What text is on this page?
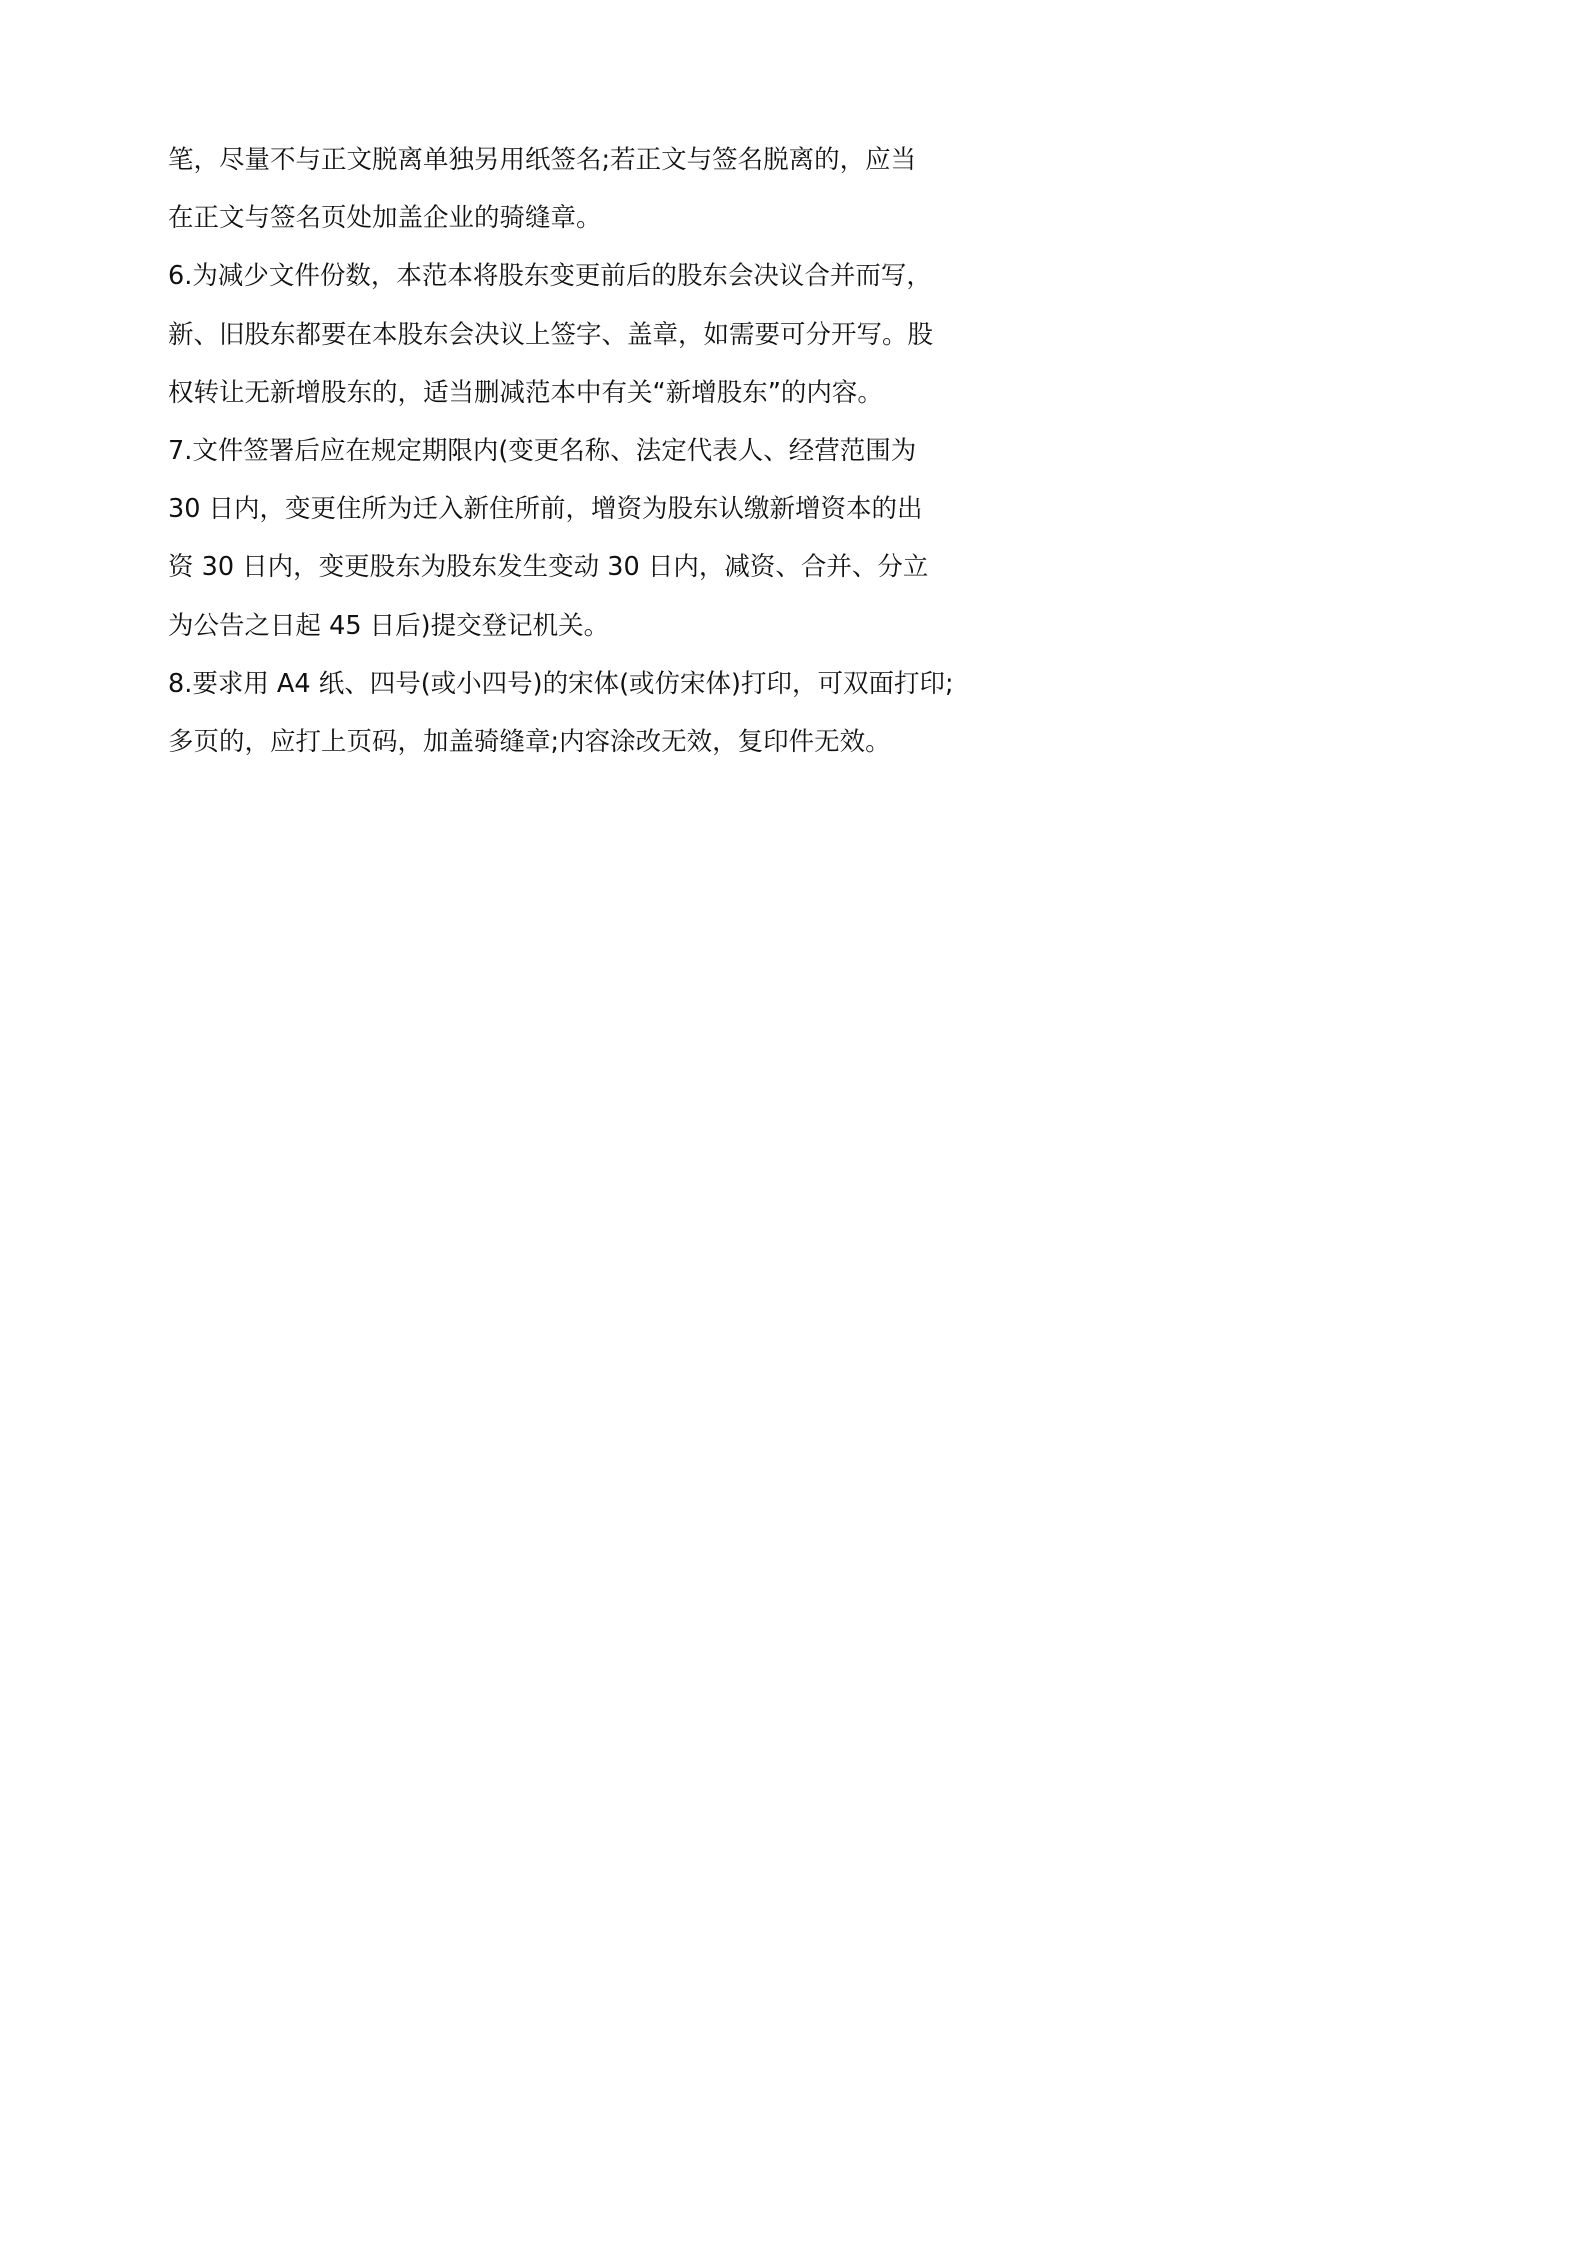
笔，尽量不与正文脱离单独另用纸签名;若正文与签名脱离的，应当
在正文与签名页处加盖企业的骑缝章。
6.为减少文件份数，本范本将股东变更前后的股东会决议合并而写，
新、旧股东都要在本股东会决议上签字、盖章，如需要可分开写。股
权转让无新增股东的，适当删减范本中有关“新增股东”的内容。
7.文件签署后应在规定期限内(变更名称、法定代表人、经营范围为
30 日内，变更住所为迁入新住所前，增资为股东认缴新增资本的出
资 30 日内，变更股东为股东发生变动 30 日内，减资、合并、分立
为公告之日起 45 日后)提交登记机关。
8.要求用 A4 纸、四号(或小四号)的宋体(或仿宋体)打印，可双面打印;
多页的，应打上页码，加盖骑缝章;内容涂改无效，复印件无效。
